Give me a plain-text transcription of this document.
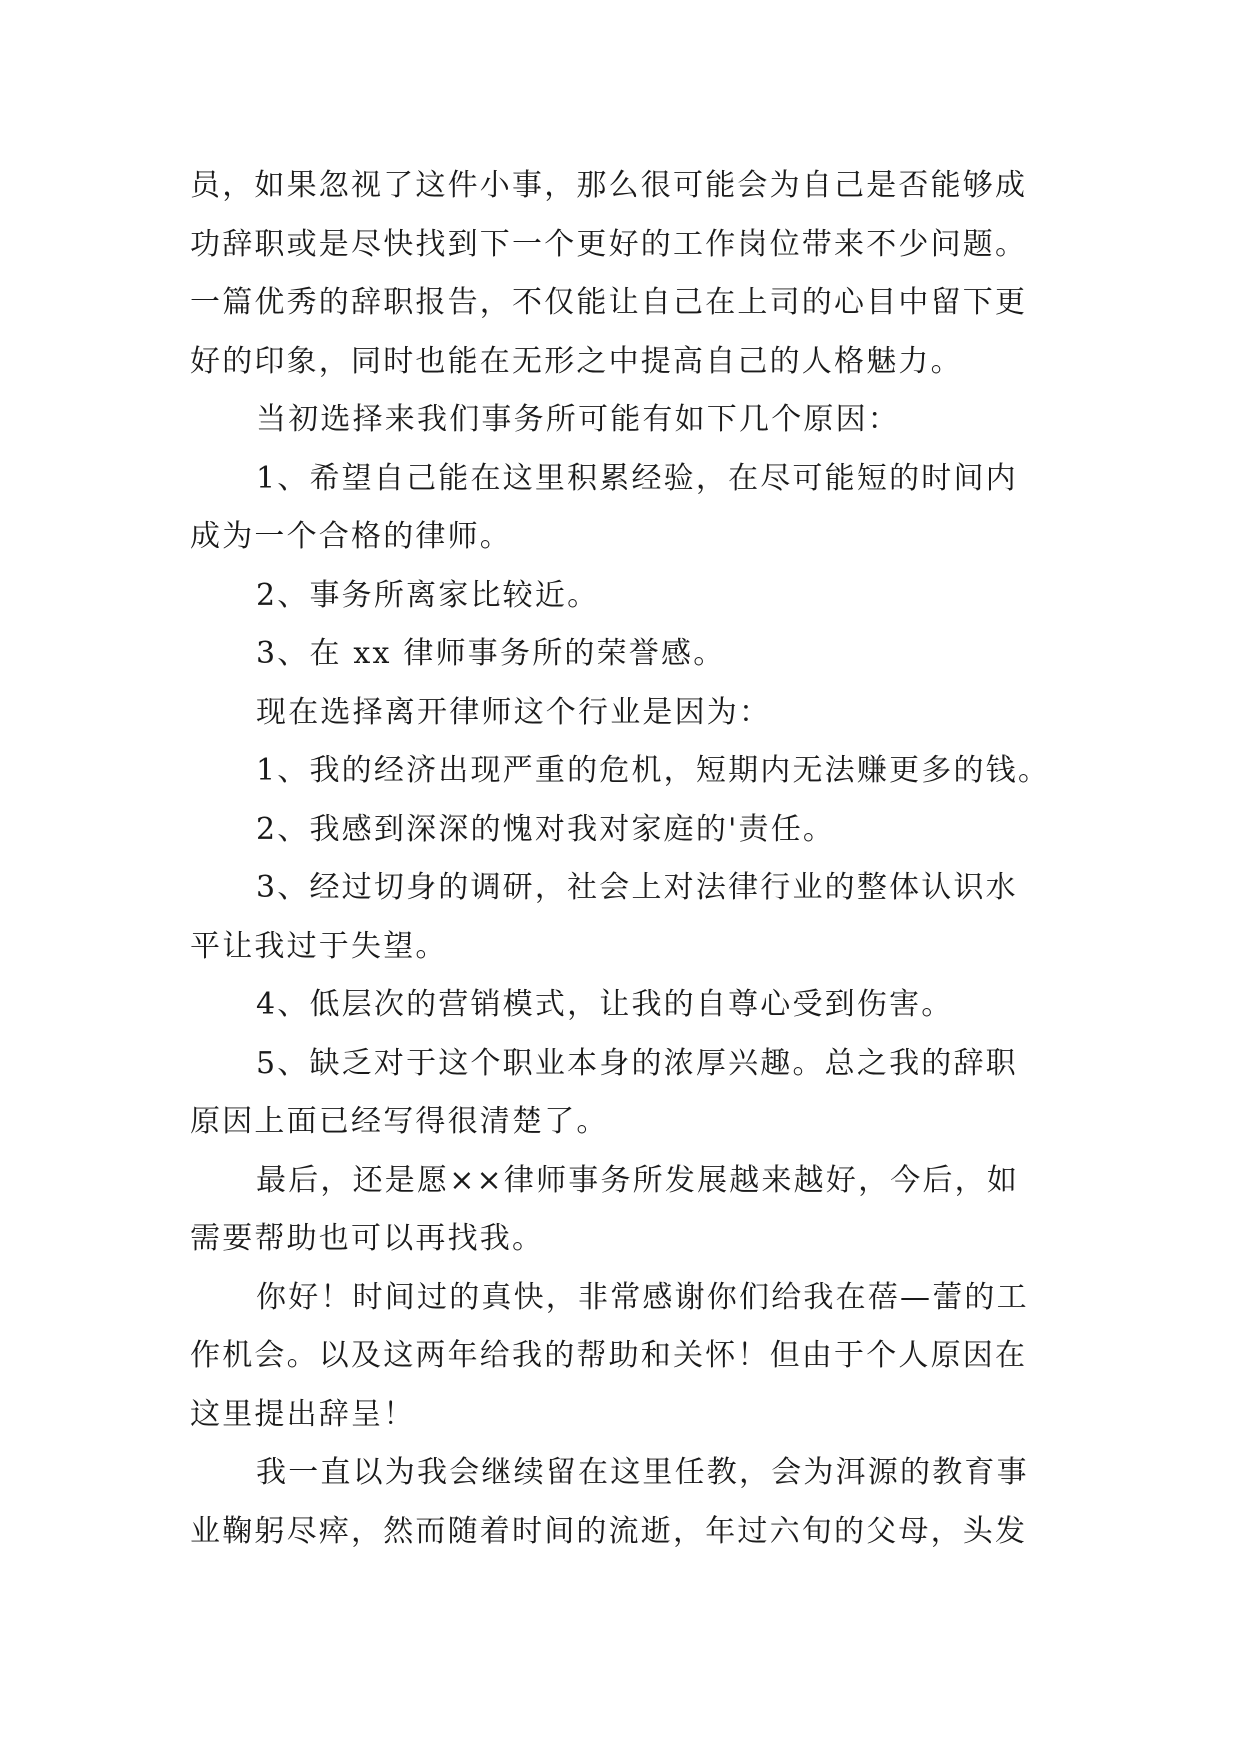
员，如果忽视了这件小事，那么很可能会为自己是否能够成
功辞职或是尽快找到下一个更好的工作岗位带来不少问题。
一篇优秀的辞职报告，不仅能让自己在上司的心目中留下更
好的印象，同时也能在无形之中提高自己的人格魅力。
当初选择来我们事务所可能有如下几个原因：
1、希望自己能在这里积累经验，在尽可能短的时间内
成为一个合格的律师。
2、事务所离家比较近。
3、在 xx 律师事务所的荣誉感。
现在选择离开律师这个行业是因为：
1、我的经济出现严重的危机，短期内无法赚更多的钱。
2、我感到深深的愧对我对家庭的'责任。
3、经过切身的调研，社会上对法律行业的整体认识水
平让我过于失望。
4、低层次的营销模式，让我的自尊心受到伤害。
5、缺乏对于这个职业本身的浓厚兴趣。总之我的辞职
原因上面已经写得很清楚了。
最后，还是愿××律师事务所发展越来越好，今后，如
需要帮助也可以再找我。
你好！时间过的真快，非常感谢你们给我在蓓—蕾的工
作机会。以及这两年给我的帮助和关怀！但由于个人原因在
这里提出辞呈！
我一直以为我会继续留在这里任教，会为洱源的教育事
业鞠躬尽瘁，然而随着时间的流逝，年过六旬的父母，头发
